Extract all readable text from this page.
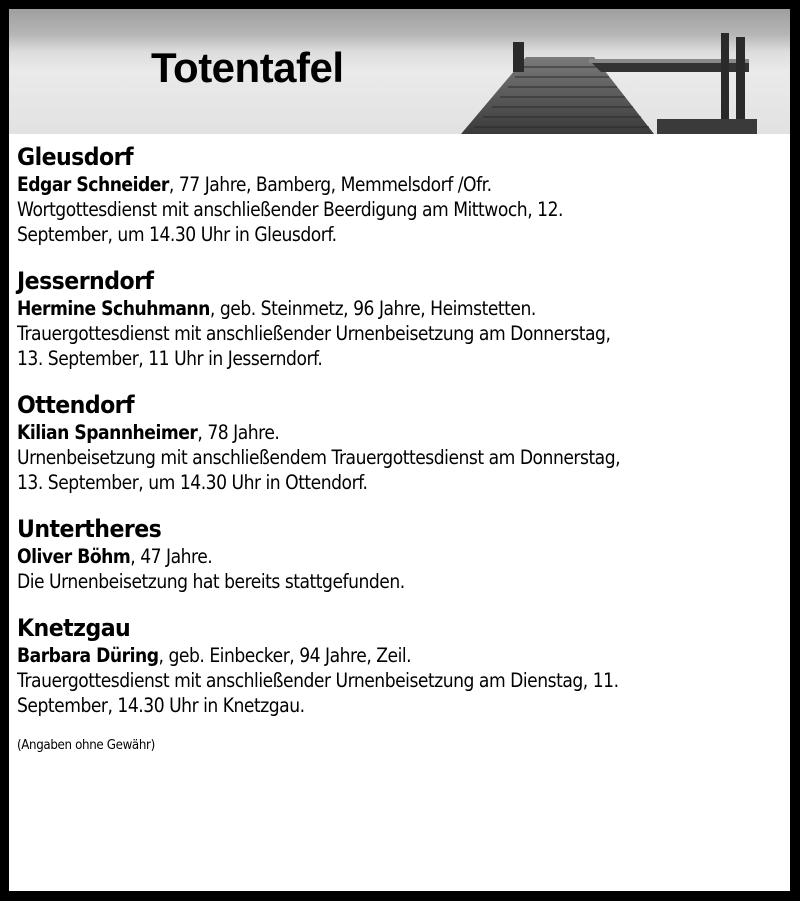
Totentafel
Gleusdorf
Edgar Schneider, 77 Jahre, Bamberg, Memmelsdorf /Ofr.
Wortgottesdienst mit anschließender Beerdigung am Mittwoch, 12.
September, um 14.30 Uhr in Gleusdorf.
Jesserndorf
Hermine Schuhmann, geb. Steinmetz, 96 Jahre, Heimstetten.
Trauergottesdienst mit anschließender Urnenbeisetzung am Donnerstag,
13. September, 11 Uhr in Jesserndorf.
Ottendorf
Kilian Spannheimer, 78 Jahre.
Urnenbeisetzung mit anschließendem Trauergottesdienst am Donnerstag,
13. September, um 14.30 Uhr in Ottendorf.
Untertheres
Oliver Böhm, 47 Jahre.
Die Urnenbeisetzung hat bereits stattgefunden.
Knetzgau
Barbara Düring, geb. Einbecker, 94 Jahre, Zeil.
Trauergottesdienst mit anschließender Urnenbeisetzung am Dienstag, 11.
September, 14.30 Uhr in Knetzgau.
(Angaben ohne Gewähr)
